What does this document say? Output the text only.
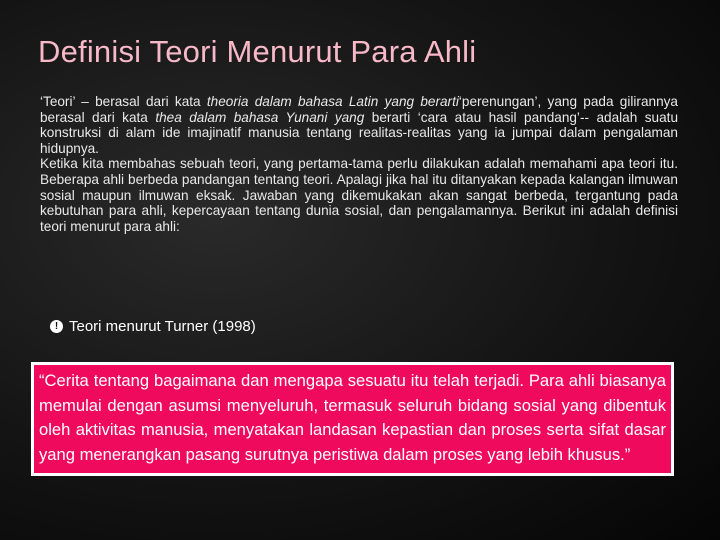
Definisi Teori Menurut Para Ahli

‘Teori’ – berasal dari kata theoria dalam bahasa Latin yang berarti‘perenungan’, yang pada gilirannya berasal dari kata thea dalam bahasa Yunani yang berarti ‘cara atau hasil pandang’-- adalah suatu konstruksi di alam ide imajinatif manusia tentang realitas-realitas yang ia jumpai dalam pengalaman hidupnya.

Ketika kita membahas sebuah teori, yang pertama-tama perlu dilakukan adalah memahami apa teori itu. Beberapa ahli berbeda pandangan tentang teori. Apalagi jika hal itu ditanyakan kepada kalangan ilmuwan sosial maupun ilmuwan eksak. Jawaban yang dikemukakan akan sangat berbeda, tergantung pada kebutuhan para ahli, kepercayaan tentang dunia sosial, dan pengalamannya. Berikut ini adalah definisi teori menurut para ahli:

! Teori menurut Turner (1998)

“Cerita tentang bagaimana dan mengapa sesuatu itu telah terjadi. Para ahli biasanya memulai dengan asumsi menyeluruh, termasuk seluruh bidang sosial yang dibentuk oleh aktivitas manusia, menyatakan landasan kepastian dan proses serta sifat dasar yang menerangkan pasang surutnya peristiwa dalam proses yang lebih khusus.”
